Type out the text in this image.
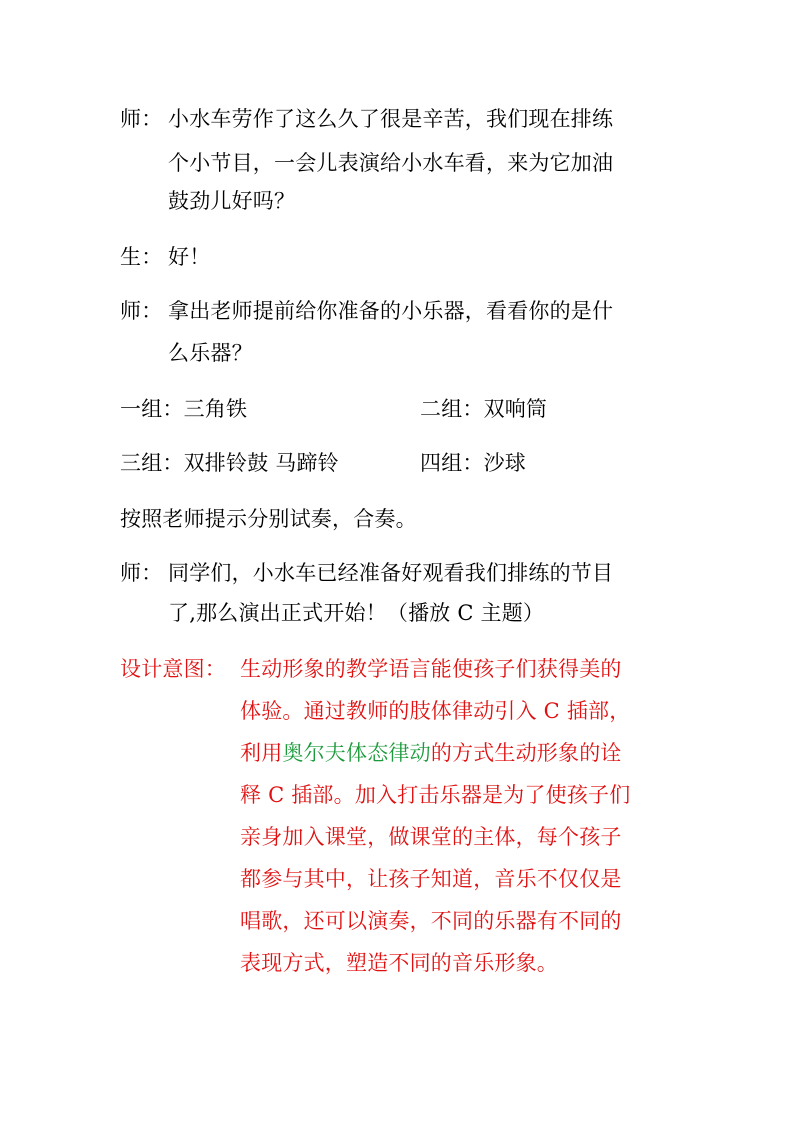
师： 小水车劳作了这么久了很是辛苦，我们现在排练
个小节目，一会儿表演给小水车看，来为它加油
鼓劲儿好吗？
生： 好！
师： 拿出老师提前给你准备的小乐器，看看你的是什
么乐器？
一组：三角铁	二组：双响筒
三组：双排铃鼓 马蹄铃	四组：沙球
按照老师提示分别试奏，合奏。
师： 同学们，小水车已经准备好观看我们排练的节目
了,那么演出正式开始！（播放 C 主题）
设计意图： 生动形象的教学语言能使孩子们获得美的
体验。通过教师的肢体律动引入 C 插部，
利用奥尔夫体态律动的方式生动形象的诠
释 C 插部。加入打击乐器是为了使孩子们
亲身加入课堂，做课堂的主体，每个孩子
都参与其中，让孩子知道，音乐不仅仅是
唱歌，还可以演奏，不同的乐器有不同的
表现方式，塑造不同的音乐形象。
